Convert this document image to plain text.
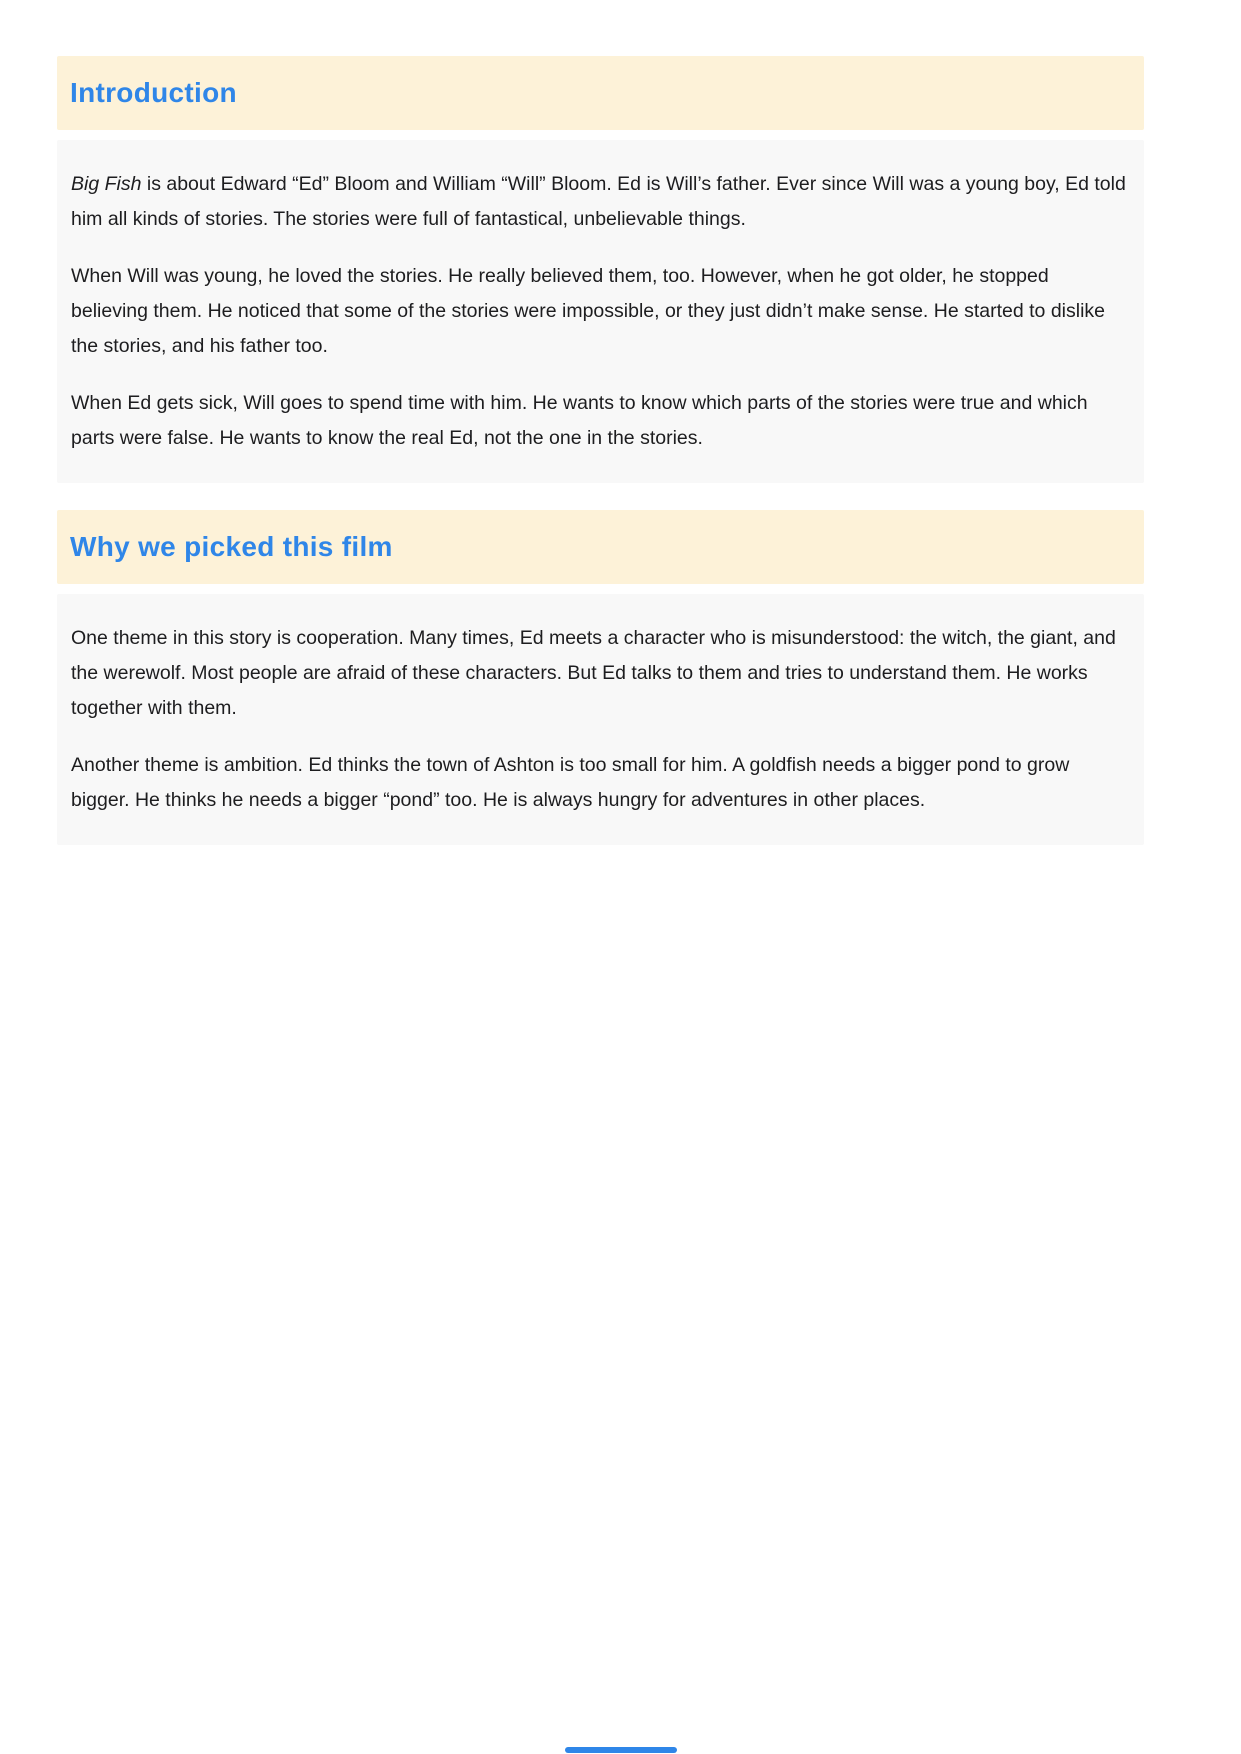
Introduction

Big Fish is about Edward “Ed” Bloom and William “Will” Bloom. Ed is Will’s father. Ever since Will was a young boy, Ed told him all kinds of stories. The stories were full of fantastical, unbelievable things.

When Will was young, he loved the stories. He really believed them, too. However, when he got older, he stopped believing them. He noticed that some of the stories were impossible, or they just didn’t make sense. He started to dislike the stories, and his father too.

When Ed gets sick, Will goes to spend time with him. He wants to know which parts of the stories were true and which parts were false. He wants to know the real Ed, not the one in the stories.

Why we picked this film

One theme in this story is cooperation. Many times, Ed meets a character who is misunderstood: the witch, the giant, and the werewolf. Most people are afraid of these characters. But Ed talks to them and tries to understand them. He works together with them.

Another theme is ambition. Ed thinks the town of Ashton is too small for him. A goldfish needs a bigger pond to grow bigger. He thinks he needs a bigger “pond” too. He is always hungry for adventures in other places.
